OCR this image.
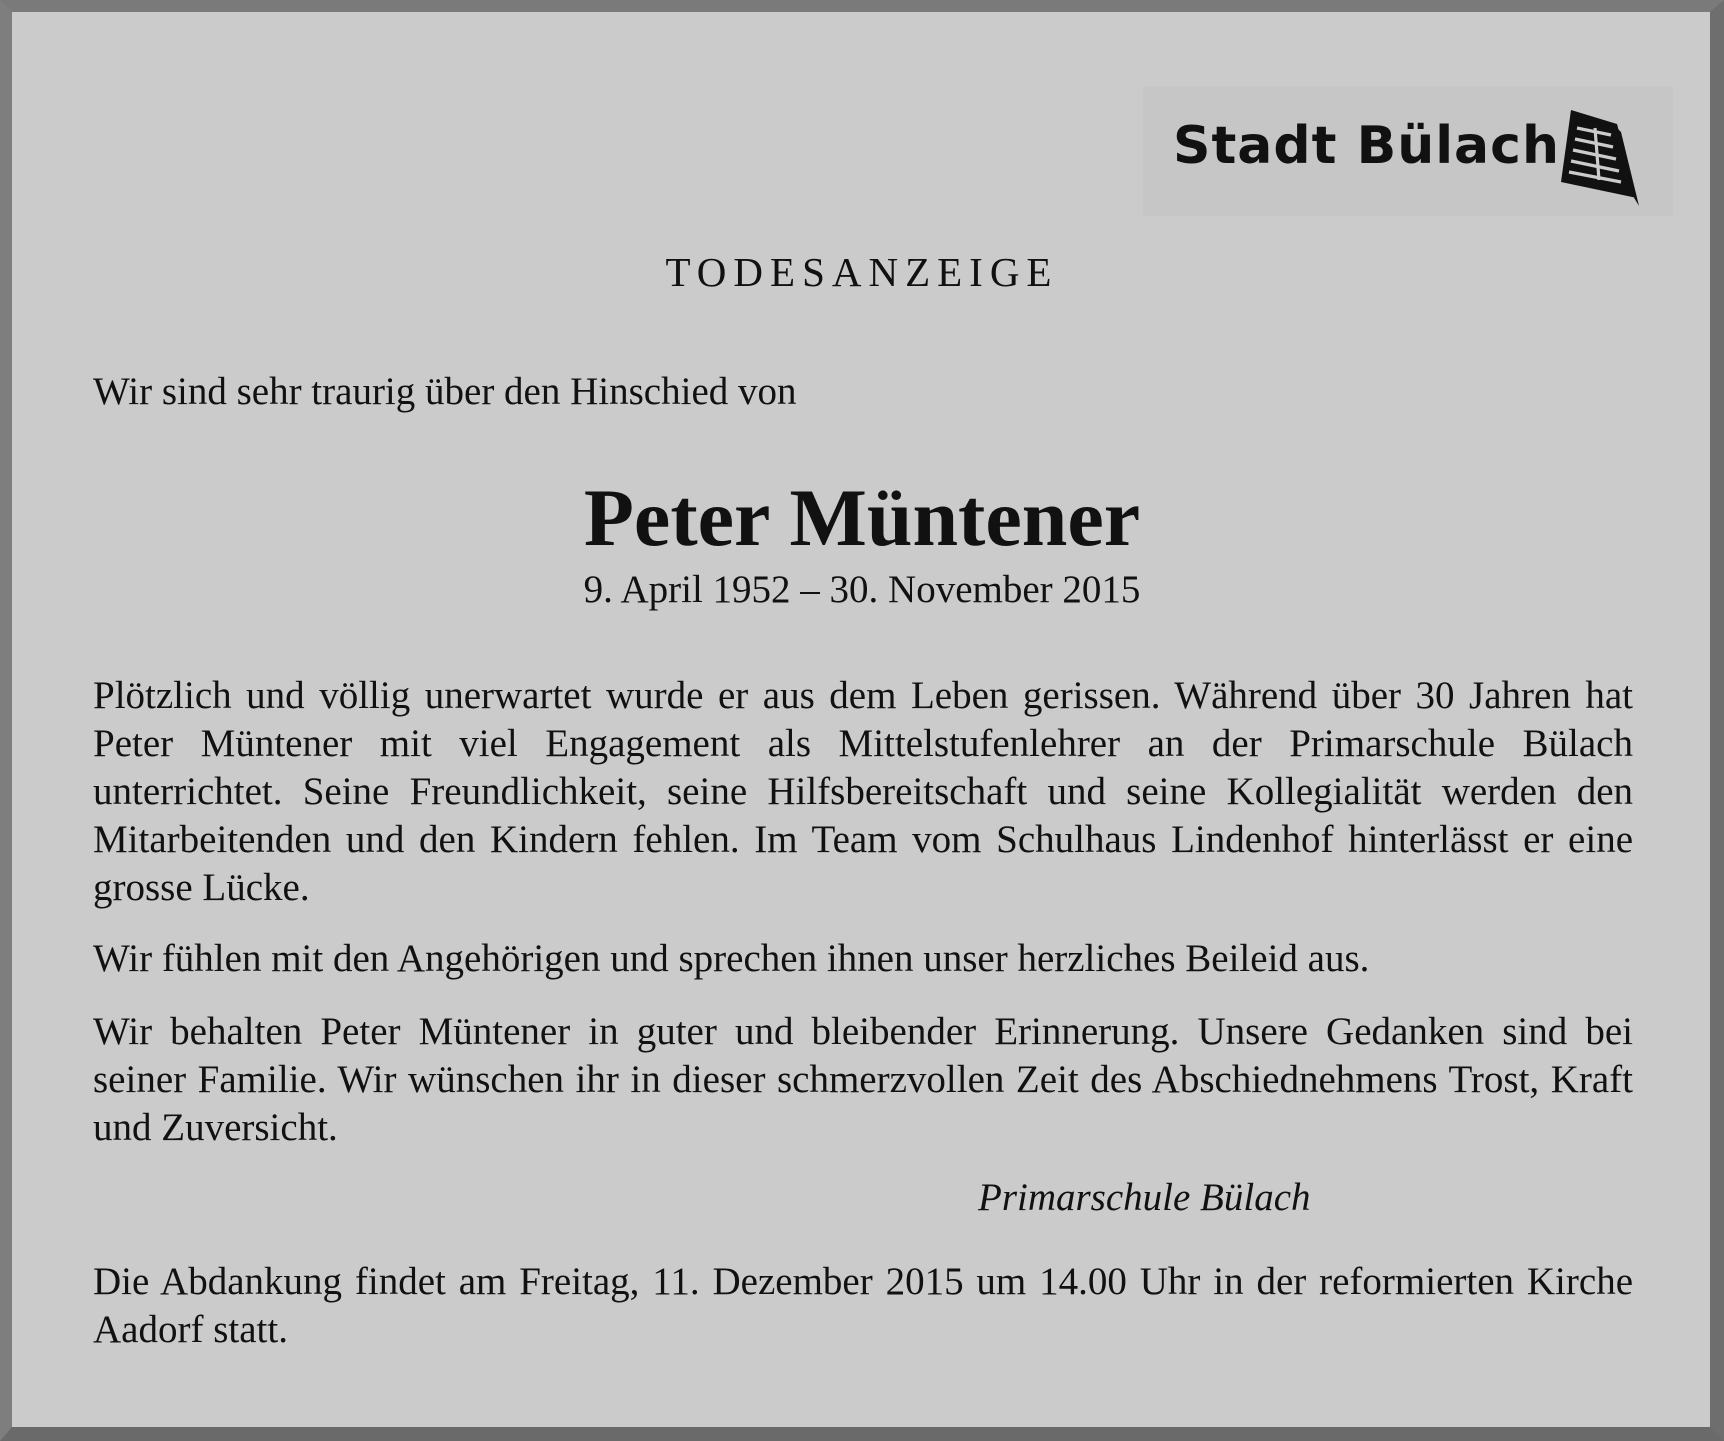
Stadt Bülach
TODESANZEIGE
Wir sind sehr traurig über den Hinschied von
Peter Müntener
9. April 1952 – 30. November 2015
Plötzlich und völlig unerwartet wurde er aus dem Leben gerissen. Während über 30 Jahren hat Peter Müntener mit viel Engagement als Mittelstufenlehrer an der Primarschule Bülach unterrichtet. Seine Freundlichkeit, seine Hilfsbereitschaft und seine Kollegialität werden den Mitarbeitenden und den Kindern fehlen. Im Team vom Schulhaus Lindenhof hinterlässt er eine grosse Lücke.
Wir fühlen mit den Angehörigen und sprechen ihnen unser herzliches Beileid aus.
Wir behalten Peter Müntener in guter und bleibender Erinnerung. Unsere Gedanken sind bei seiner Familie. Wir wünschen ihr in dieser schmerzvollen Zeit des Abschiednehmens Trost, Kraft und Zuversicht.
Primarschule Bülach
Die Abdankung findet am Freitag, 11. Dezember 2015 um 14.00 Uhr in der reformierten Kirche Aadorf statt.
